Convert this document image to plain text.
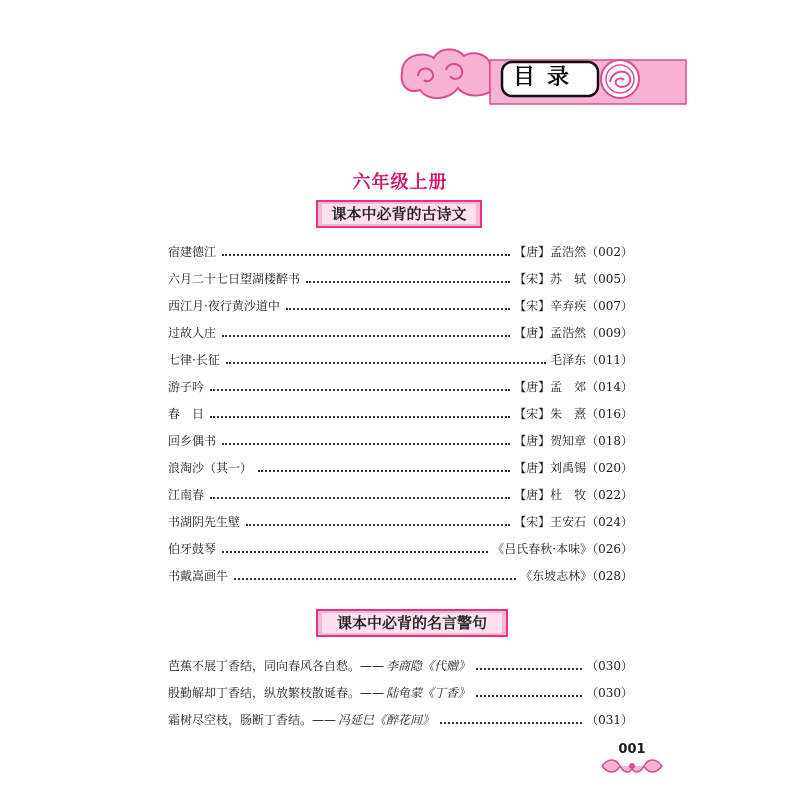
目录
六年级上册
课本中必背的古诗文
宿建德江	【唐】孟浩然（002）
六月二十七日望湖楼醉书	【宋】苏　轼（005）
西江月·夜行黄沙道中	【宋】辛弃疾（007）
过故人庄	【唐】孟浩然（009）
七律·长征	毛泽东（011）
游子吟	【唐】孟　郊（014）
春　日	【宋】朱　熹（016）
回乡偶书	【唐】贺知章（018）
浪淘沙（其一）	【唐】刘禹锡（020）
江南春	【唐】杜　牧（022）
书湖阴先生壁	【宋】王安石（024）
伯牙鼓琴	《吕氏春秋·本味》（026）
书戴嵩画牛	《东坡志林》（028）
课本中必背的名言警句
芭蕉不展丁香结，同向春风各自愁。—— 李商隐《代赠》	（030）
殷勤解却丁香结，纵放繁枝散诞春。—— 陆龟蒙《丁香》	（030）
霜树尽空枝，肠断丁香结。—— 冯延巳《醉花间》	（031）
001
